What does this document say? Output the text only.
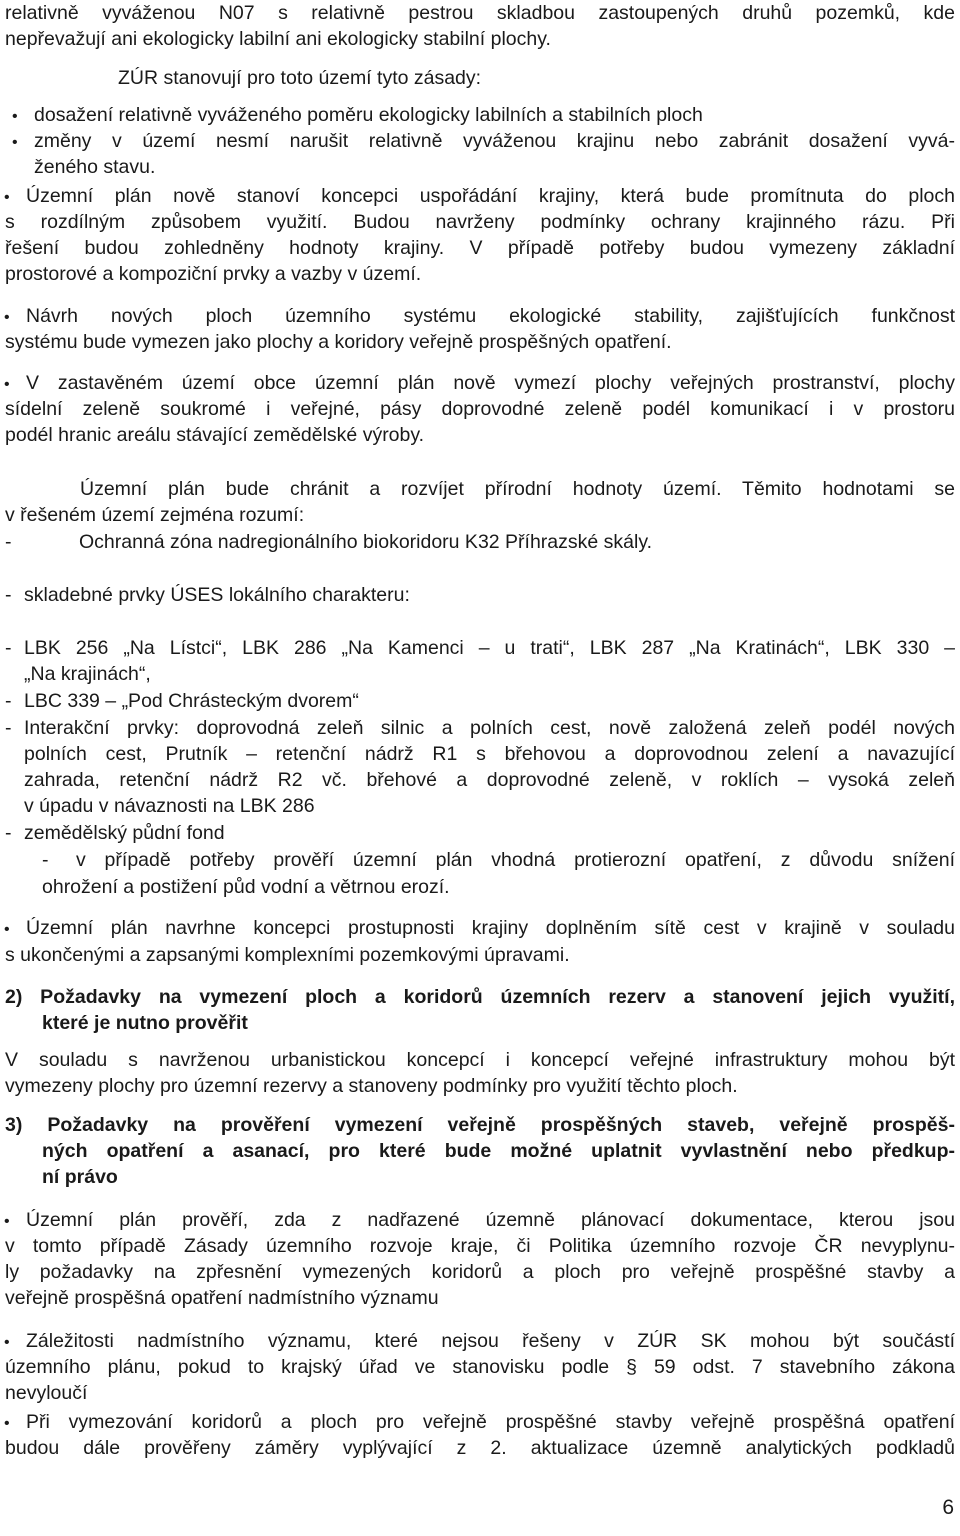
relativně vyváženou N07 s relativně pestrou skladbou zastoupených druhů pozemků, kde
nepřevažují ani ekologicky labilní ani ekologicky stabilní plochy.
ZÚR stanovují pro toto území tyto zásady:
• dosažení relativně vyváženého poměru ekologicky labilních a stabilních ploch
změny v území nesmí narušit relativně vyváženou krajinu nebo zabránit dosažení vyvá-
ženého stavu.
Územní plán nově stanoví koncepci uspořádání krajiny, která bude promítnuta do ploch
s rozdílným způsobem využití. Budou navrženy podmínky ochrany krajinného rázu. Při
řešení budou zohledněny hodnoty krajiny. V případě potřeby budou vymezeny základní
prostorové a kompoziční prvky a vazby v území.
Návrh nových ploch územního systému ekologické stability, zajišťujících funkčnost
systému bude vymezen jako plochy a koridory veřejně prospěšných opatření.
V zastavěném území obce územní plán nově vymezí plochy veřejných prostranství, plochy
sídelní zeleně soukromé i veřejné, pásy doprovodné zeleně podél komunikací i v prostoru
podél hranic areálu stávající zemědělské výroby.
Územní plán bude chránit a rozvíjet přírodní hodnoty území. Těmito hodnotami se
v řešeném území zejména rozumí:
-	Ochranná zóna nadregionálního biokoridoru K32 Příhrazské skály.
- skladebné prvky ÚSES lokálního charakteru:
- LBK 256 „Na Lístci“, LBK 286 „Na Kamenci – u trati“, LBK 287 „Na Kratinách“, LBK 330 –
„Na krajinách“,
- LBC 339 – „Pod Chrásteckým dvorem“
- Interakční prvky: doprovodná zeleň silnic a polních cest, nově založená zeleň podél nových
polních cest, Prutník – retenční nádrž R1 s břehovou a doprovodnou zelení a navazující
zahrada, retenční nádrž R2 vč. břehové a doprovodné zeleně, v roklích – vysoká zeleň
v úpadu v návaznosti na LBK 286
- zemědělský půdní fond
- v případě potřeby prověří územní plán vhodná protierozní opatření, z důvodu snížení
ohrožení a postižení půd vodní a větrnou erozí.
Územní plán navrhne koncepci prostupnosti krajiny doplněním sítě cest v krajině v souladu
s ukončenými a zapsanými komplexními pozemkovými úpravami.
2) Požadavky na vymezení ploch a koridorů územních rezerv a stanovení jejich využití,
které je nutno prověřit
V souladu s navrženou urbanistickou koncepcí i koncepcí veřejné infrastruktury mohou být
vymezeny plochy pro územní rezervy a stanoveny podmínky pro využití těchto ploch.
3) Požadavky na prověření vymezení veřejně prospěšných staveb, veřejně prospěš-
ných opatření a asanací, pro které bude možné uplatnit vyvlastnění nebo předkup-
ní právo
Územní plán prověří, zda z nadřazené územně plánovací dokumentace, kterou jsou
v tomto případě Zásady územního rozvoje kraje, či Politika územního rozvoje ČR nevyplynu-
ly požadavky na zpřesnění vymezených koridorů a ploch pro veřejně prospěšné stavby a
veřejně prospěšná opatření nadmístního významu
Záležitosti nadmístního významu, které nejsou řešeny v ZÚR SK mohou být součástí
územního plánu, pokud to krajský úřad ve stanovisku podle § 59 odst. 7 stavebního zákona
nevyloučí
Při vymezování koridorů a ploch pro veřejně prospěšné stavby veřejně prospěšná opatření
budou dále prověřeny záměry vyplývající z 2. aktualizace územně analytických podkladů
6
